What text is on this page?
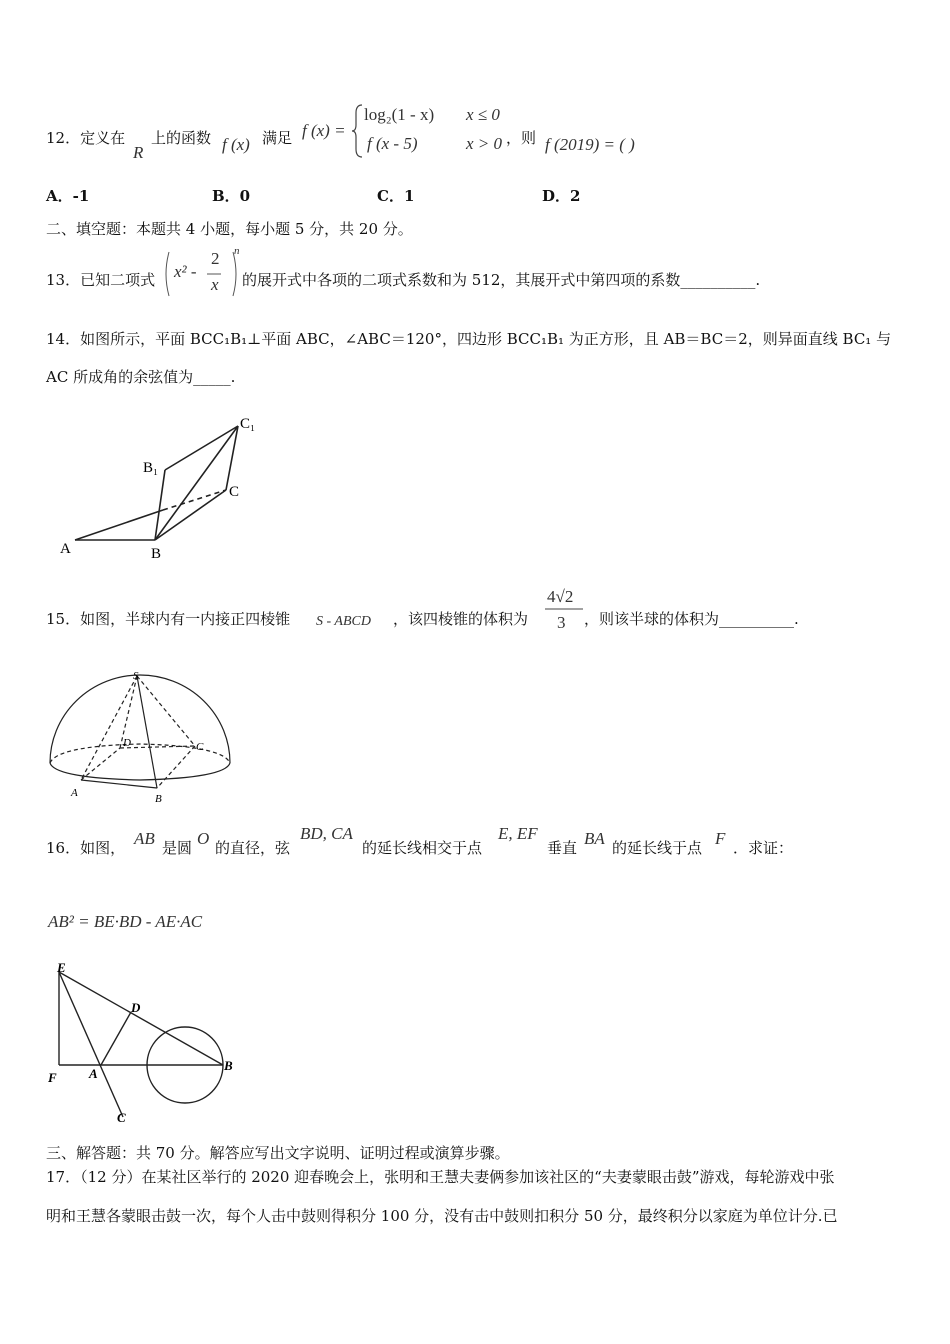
12．定义在
R
上的函数 f (x) 满足 f (x) =
log₂(1 - x) x ≤ 0
f (x - 5)	x > 0 ，则 f (2019) = ( )
A．-1	B．0	C．1	D．2
二、填空题：本题共 4 小题，每小题 5 分，共 20 分。
13．已知二项式 x² -
2
x
n
的展开式中各项的二项式系数和为 512，其展开式中第四项的系数__________.
14．如图所示，平面 BCC₁B₁⊥平面 ABC，∠ABC＝120°，四边形 BCC₁B₁ 为正方形，且 AB＝BC＝2，则异面直线 BC₁ 与
AC 所成角的余弦值为_____.
C₁
B₁
C
A	B
15．如图，半球内有一内接正四棱锥 S - ABCD ，该四棱锥的体积为
4√2
3 ，则该半球的体积为__________.
S
D	C
A	B
16．如图， AB 是圆 O 的直径，弦
BD, CA
的延长线相交于点
E, EF
垂直 BA 的延长线于点 F ．求证：
AB² = BE·BD - AE·AC
E
D
F A
B
C
三、解答题：共 70 分。解答应写出文字说明、证明过程或演算步骤。
17．（12 分）在某社区举行的 2020 迎春晚会上，张明和王慧夫妻俩参加该社区的“夫妻蒙眼击鼓”游戏，每轮游戏中张
明和王慧各蒙眼击鼓一次，每个人击中鼓则得积分 100 分，没有击中鼓则扣积分 50 分，最终积分以家庭为单位计分.已
